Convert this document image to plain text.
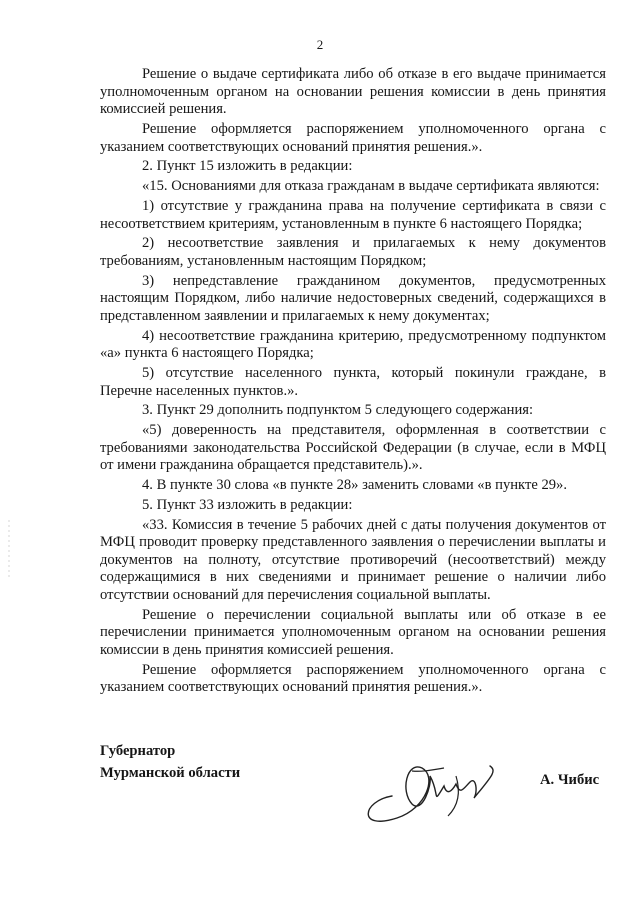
2

Решение о выдаче сертификата либо об отказе в его выдаче принимается уполномоченным органом на основании решения комиссии в день принятия комиссией решения.

Решение оформляется распоряжением уполномоченного органа с указанием соответствующих оснований принятия решения.».

2. Пункт 15 изложить в редакции:

«15. Основаниями для отказа гражданам в выдаче сертификата являются:

1) отсутствие у гражданина права на получение сертификата в связи с несоответствием критериям, установленным в пункте 6 настоящего Порядка;

2) несоответствие заявления и прилагаемых к нему документов требованиям, установленным настоящим Порядком;

3) непредставление гражданином документов, предусмотренных настоящим Порядком, либо наличие недостоверных сведений, содержащихся в представленном заявлении и прилагаемых к нему документах;

4) несоответствие гражданина критерию, предусмотренному подпунктом «а» пункта 6 настоящего Порядка;

5) отсутствие населенного пункта, который покинули граждане, в Перечне населенных пунктов.».

3. Пункт 29 дополнить подпунктом 5 следующего содержания:

«5) доверенность на представителя, оформленная в соответствии с требованиями законодательства Российской Федерации (в случае, если в МФЦ от имени гражданина обращается представитель).».

4. В пункте 30 слова «в пункте 28» заменить словами «в пункте 29».

5. Пункт 33 изложить в редакции:

«33. Комиссия в течение 5 рабочих дней с даты получения документов от МФЦ проводит проверку представленного заявления о перечислении выплаты и документов на полноту, отсутствие противоречий (несоответствий) между содержащимися в них сведениями и принимает решение о наличии либо отсутствии оснований для перечисления социальной выплаты.

Решение о перечислении социальной выплаты или об отказе в ее перечислении принимается уполномоченным органом на основании решения комиссии в день принятия комиссией решения.

Решение оформляется распоряжением уполномоченного органа с указанием соответствующих оснований принятия решения.».

Губернатор
Мурманской области	А. Чибис
